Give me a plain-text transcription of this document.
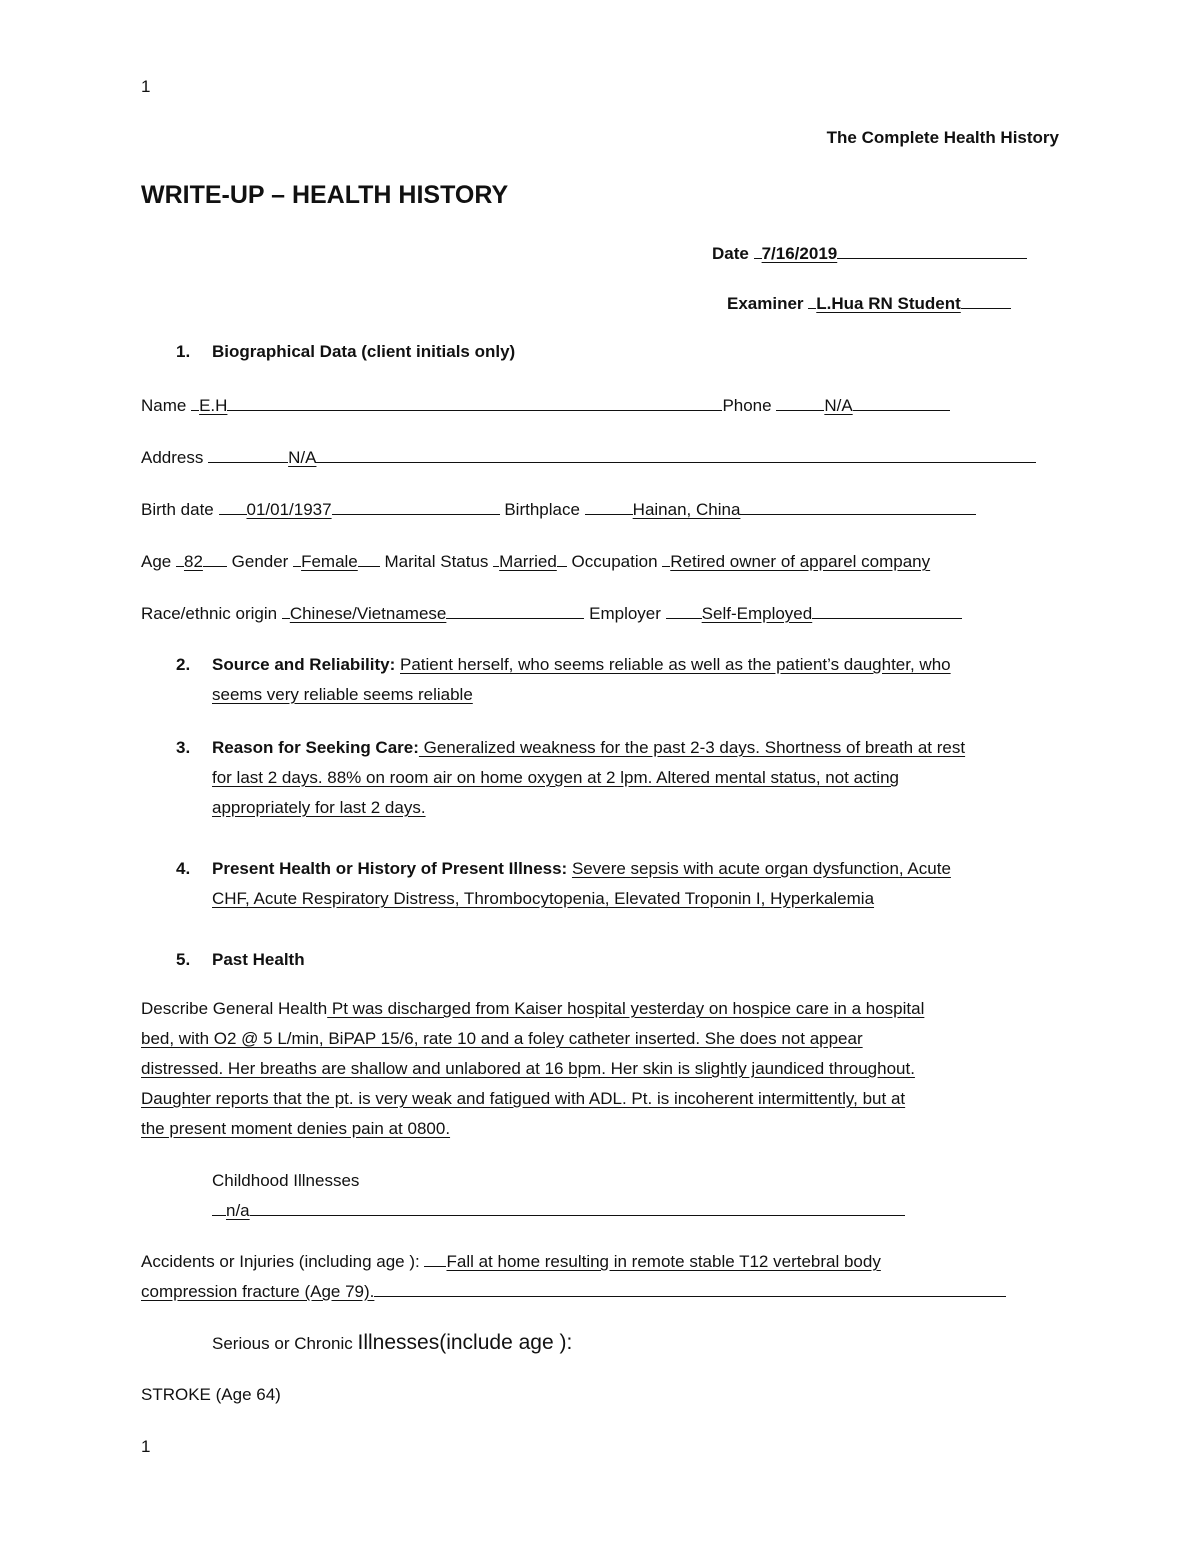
1
The Complete Health History
WRITE-UP – HEALTH HISTORY
Date 7/16/2019
Examiner L.Hua RN Student
1. Biographical Data (client initials only)
Name E.H	Phone	N/A
Address	N/A
Birth date 01/01/1937	Birthplace	Hainan, China
Age 82 Gender Female Marital Status Married Occupation Retired owner of apparel company
Race/ethnic origin Chinese/Vietnamese	Employer Self-Employed
2. Source and Reliability: Patient herself, who seems reliable as well as the patient’s daughter, who
seems very reliable seems reliable
3. Reason for Seeking Care: Generalized weakness for the past 2-3 days. Shortness of breath at rest
for last 2 days. 88% on room air on home oxygen at 2 lpm. Altered mental status, not acting
appropriately for last 2 days.
4. Present Health or History of Present Illness: Severe sepsis with acute organ dysfunction, Acute
CHF, Acute Respiratory Distress, Thrombocytopenia, Elevated Troponin I, Hyperkalemia
5. Past Health
Describe General Health Pt was discharged from Kaiser hospital yesterday on hospice care in a hospital
bed, with O2 @ 5 L/min, BiPAP 15/6, rate 10 and a foley catheter inserted. She does not appear
distressed. Her breaths are shallow and unlabored at 16 bpm. Her skin is slightly jaundiced throughout.
Daughter reports that the pt. is very weak and fatigued with ADL. Pt. is incoherent intermittently, but at
the present moment denies pain at 0800.
Childhood Illnesses
n/a
Accidents or Injuries (including age ): Fall at home resulting in remote stable T12 vertebral body
compression fracture (Age 79).
Serious or Chronic Illnesses(include age ):
STROKE (Age 64)
1
